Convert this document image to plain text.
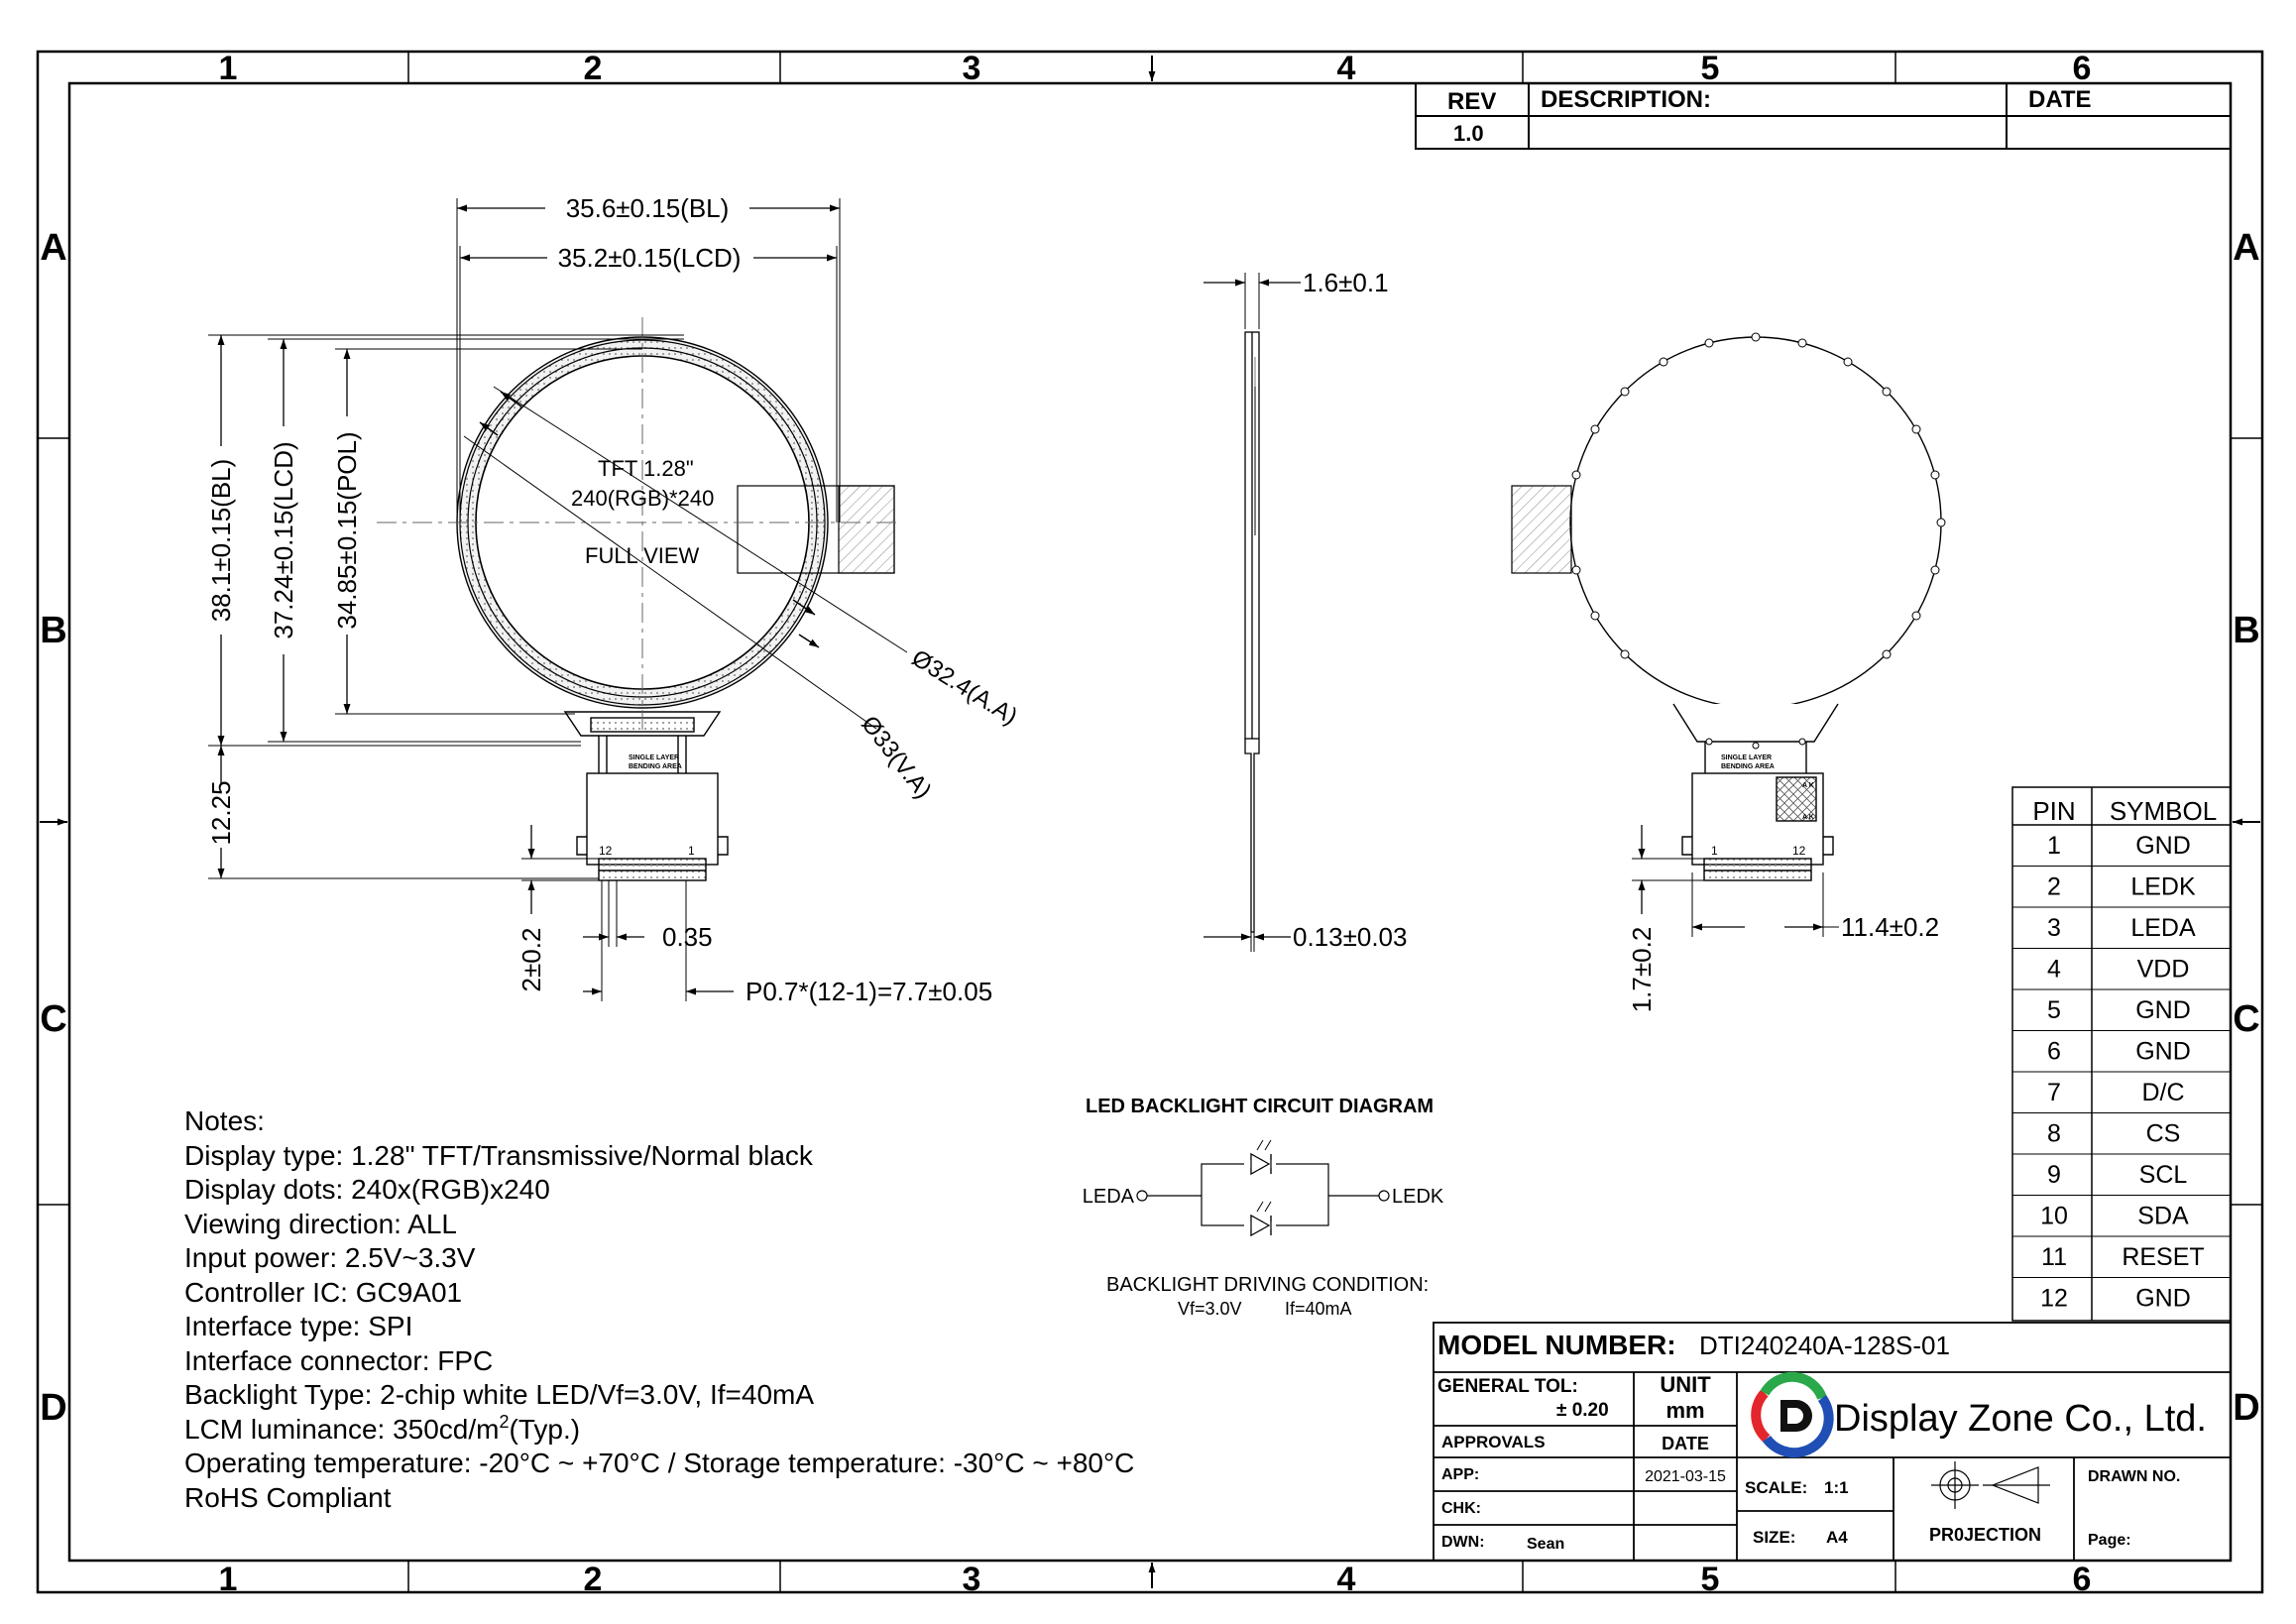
1	2	3	4	5	6
1	2	3	4	5	6
A
B
C
D
A
B
C
D
REV DESCRIPTION:	DATE
1.0
SINGLE LAYER
BENDING AREA
12	1
TFT 1.28"
240(RGB)*240
FULL VIEW
Ø32.4(A.A)
Ø33(V.A)
35.6±0.15(BL)
35.2±0.15(LCD)
38.1±0.15(BL) 37.24±0.15(LCD) 34.85±0.15(POL)
12.25
2±0.2	0.35
P0.7*(12-1)=7.7±0.05
1.6±0.1
0.13±0.03
SINGLE LAYER
BENDING AREA
A K
A K
1	12
1.7±0.2	11.4±0.2
Notes:
Display type: 1.28" TFT/Transmissive/Normal black
Display dots: 240x(RGB)x240
Viewing direction: ALL
Input power: 2.5V~3.3V
Controller IC: GC9A01
Interface type: SPI
Interface connector: FPC
Backlight Type: 2-chip white LED/Vf=3.0V, If=40mA
LCM luminance: $350cd/m^2(Typ.)$
Operating temperature: -20°C ~ +70°C / Storage temperature: -30°C ~ +80°C
RoHS Compliant
LED BACKLIGHT CIRCUIT DIAGRAM
LEDA	LEDK
BACKLIGHT DRIVING CONDITION:
Vf=3.0V If=40mA
1	GND
2	LEDK
3	LEDA
4	VDD
5	GND
6	GND
7	D/C
8	CS
9	SCL
10	SDA
11 RESET
12	GND
PIN SYMBOL
MODEL NUMBER: DTI240240A-128S-01
GENERAL TOL:
± 0.20
UNIT
mm
APPROVALS	DATE
APP:	2021-03-15
CHK:
DWN:	Sean
Display Zone Co., Ltd.
SCALE: 1:1
SIZE: A4	PR0JECTION
DRAWN NO.
Page:
